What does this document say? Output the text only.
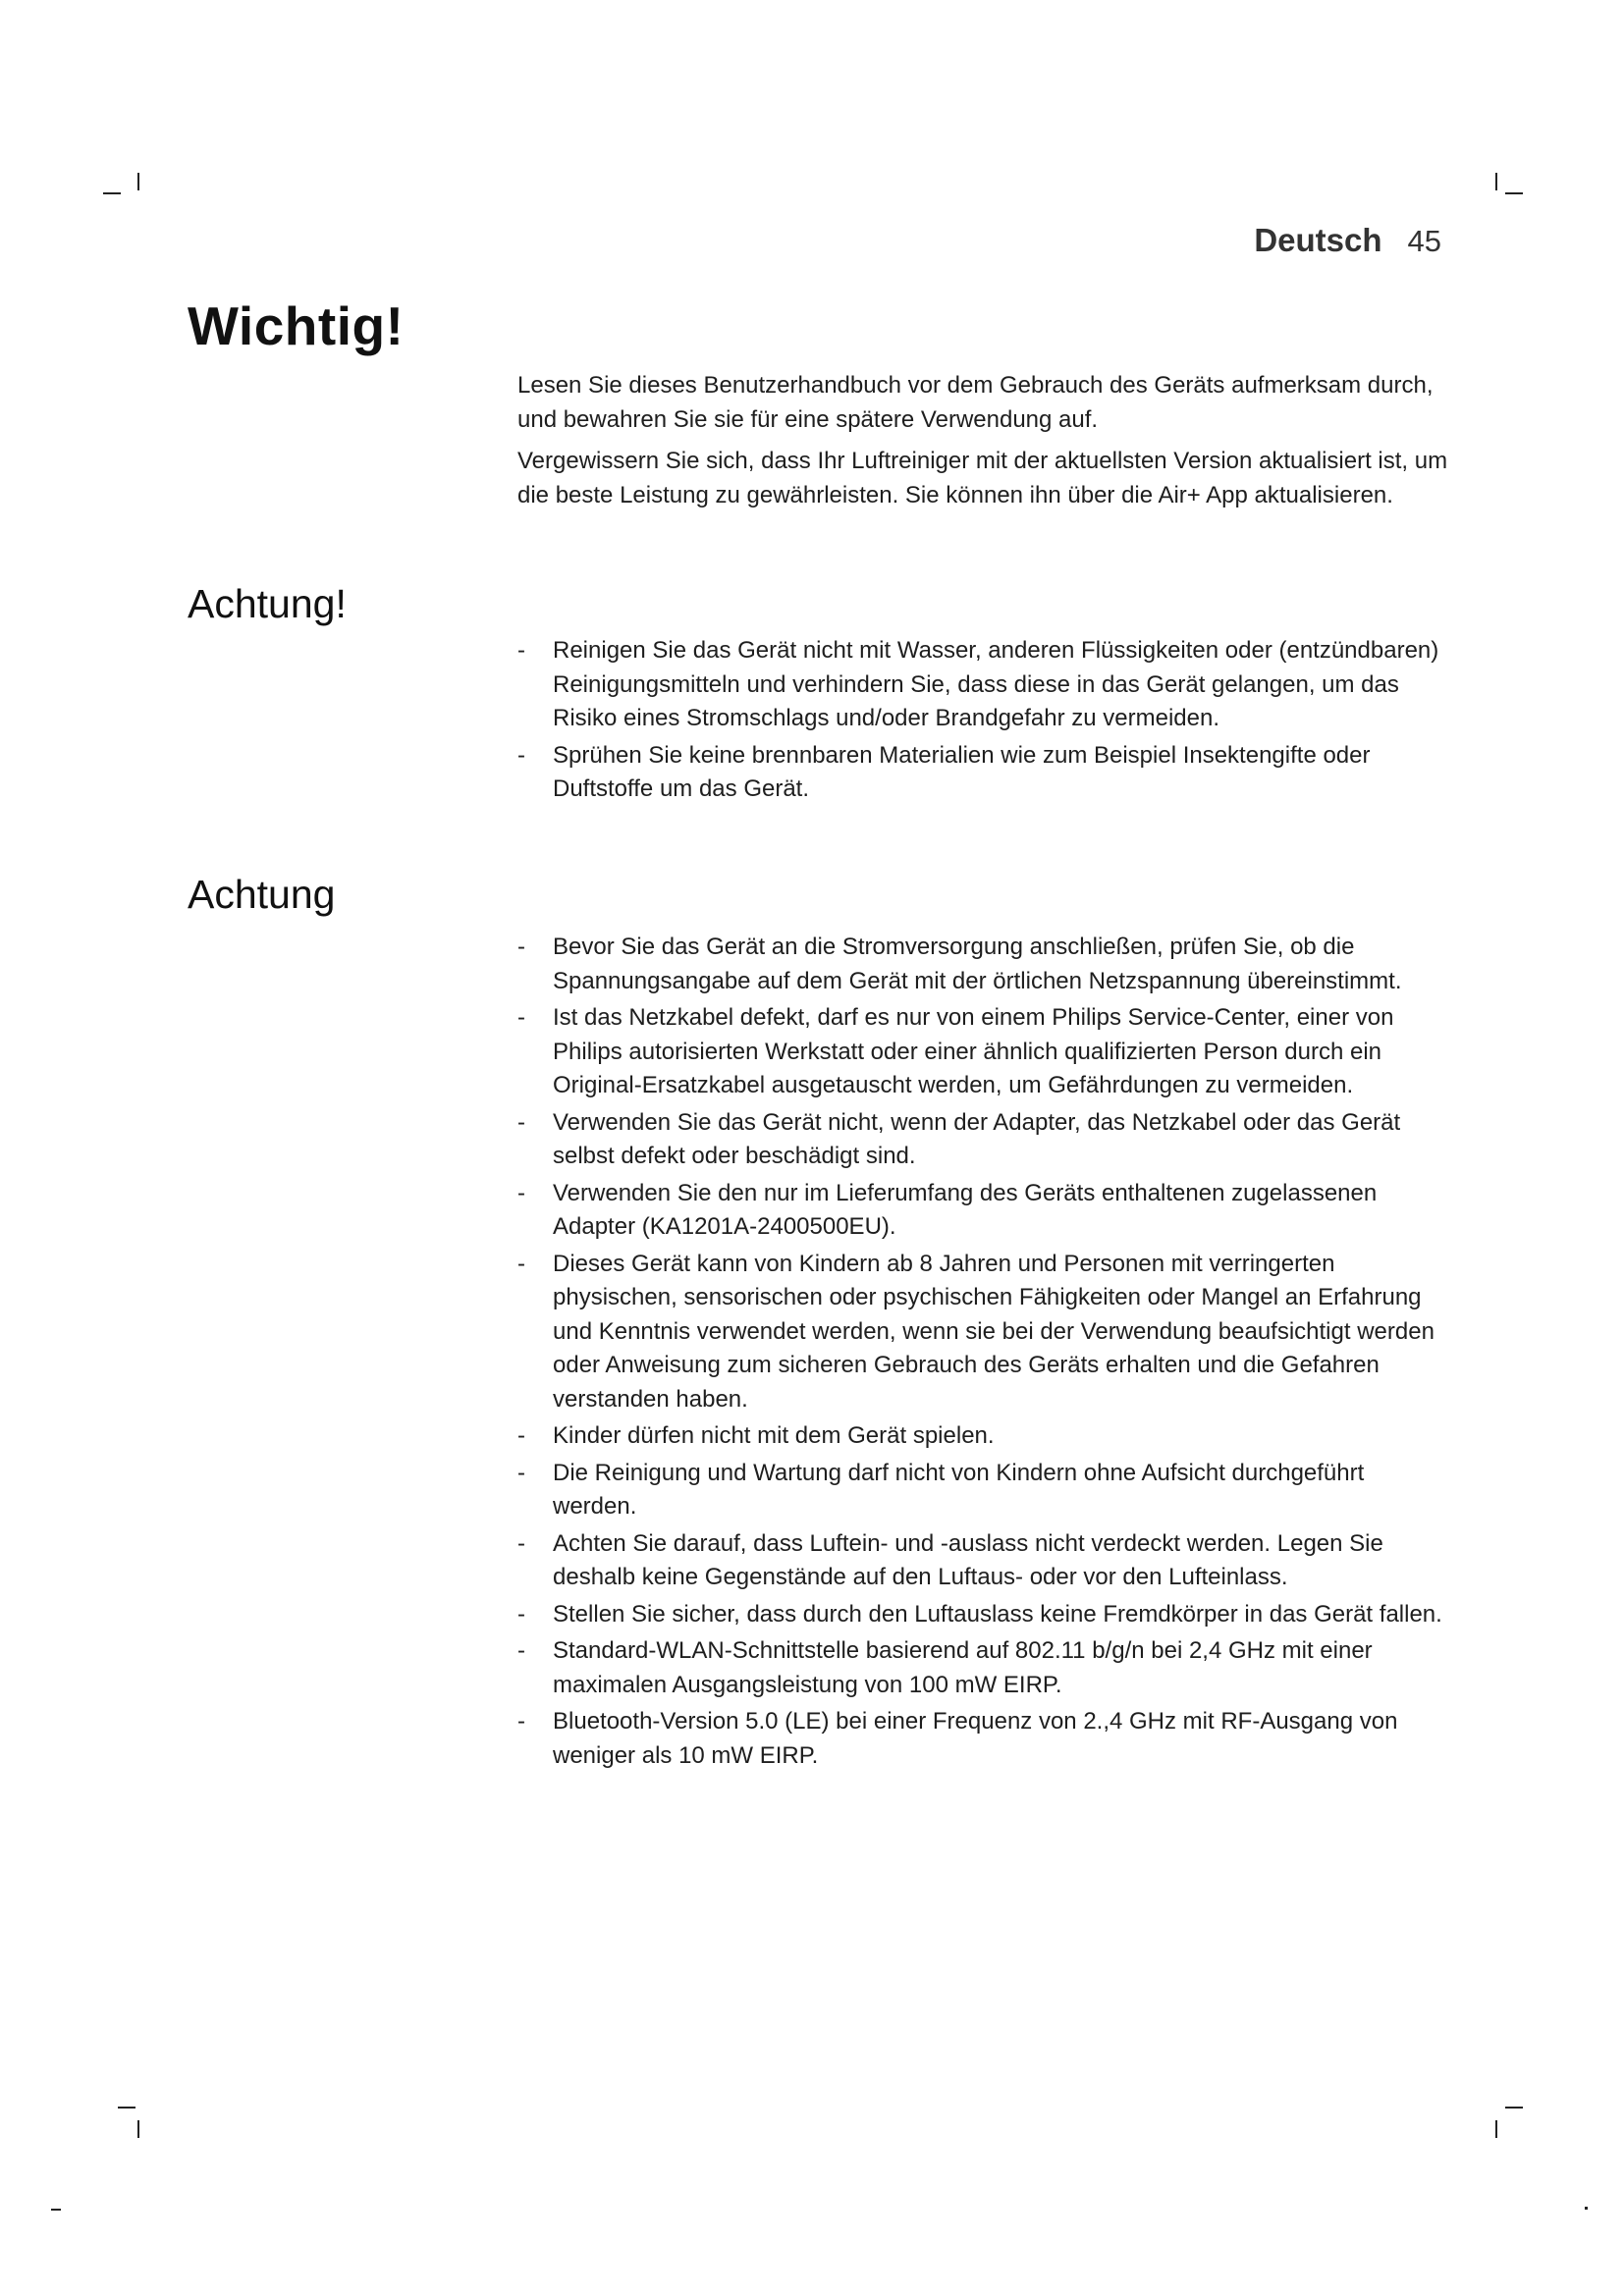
Deutsch 45
Wichtig!

Lesen Sie dieses Benutzerhandbuch vor dem Gebrauch des Geräts aufmerksam durch, und bewahren Sie sie für eine spätere Verwendung auf.

Vergewissern Sie sich, dass Ihr Luftreiniger mit der aktuellsten Version aktualisiert ist, um die beste Leistung zu gewährleisten. Sie können ihn über die Air+ App aktualisieren.

Achtung!
- Reinigen Sie das Gerät nicht mit Wasser, anderen Flüssigkeiten oder (entzündbaren) Reinigungsmitteln und verhindern Sie, dass diese in das Gerät gelangen, um das Risiko eines Stromschlags und/oder Brandgefahr zu vermeiden.
- Sprühen Sie keine brennbaren Materialien wie zum Beispiel Insektengifte oder Duftstoffe um das Gerät.
Achtung
- Bevor Sie das Gerät an die Stromversorgung anschließen, prüfen Sie, ob die Spannungsangabe auf dem Gerät mit der örtlichen Netzspannung übereinstimmt.
- Ist das Netzkabel defekt, darf es nur von einem Philips Service-Center, einer von Philips autorisierten Werkstatt oder einer ähnlich qualifizierten Person durch ein Original-Ersatzkabel ausgetauscht werden, um Gefährdungen zu vermeiden.
- Verwenden Sie das Gerät nicht, wenn der Adapter, das Netzkabel oder das Gerät selbst defekt oder beschädigt sind.
- Verwenden Sie den nur im Lieferumfang des Geräts enthaltenen zugelassenen Adapter (KA1201A-2400500EU).
- Dieses Gerät kann von Kindern ab 8 Jahren und Personen mit verringerten physischen, sensorischen oder psychischen Fähigkeiten oder Mangel an Erfahrung und Kenntnis verwendet werden, wenn sie bei der Verwendung beaufsichtigt werden oder Anweisung zum sicheren Gebrauch des Geräts erhalten und die Gefahren verstanden haben.
- Kinder dürfen nicht mit dem Gerät spielen.
- Die Reinigung und Wartung darf nicht von Kindern ohne Aufsicht durchgeführt werden.
- Achten Sie darauf, dass Luftein- und -auslass nicht verdeckt werden. Legen Sie deshalb keine Gegenstände auf den Luftaus- oder vor den Lufteinlass.
- Stellen Sie sicher, dass durch den Luftauslass keine Fremdkörper in das Gerät fallen.
- Standard-WLAN-Schnittstelle basierend auf 802.11 b/g/n bei 2,4 GHz mit einer maximalen Ausgangsleistung von 100 mW EIRP.
- Bluetooth-Version 5.0 (LE) bei einer Frequenz von 2.,4 GHz mit RF-Ausgang von weniger als 10 mW EIRP.
